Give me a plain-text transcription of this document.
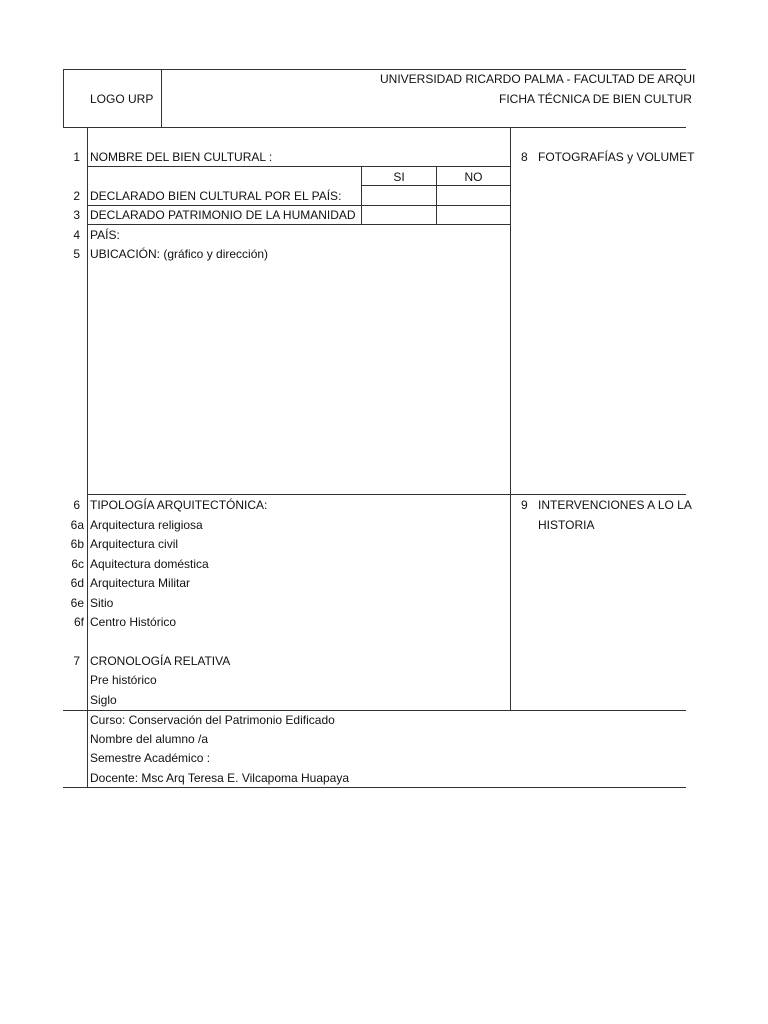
LOGO URP
UNIVERSIDAD RICARDO PALMA - FACULTAD DE ARQUI
FICHA TÉCNICA DE BIEN CULTUR
1 NOMBRE DEL BIEN CULTURAL :
SI	NO
2 DECLARADO BIEN CULTURAL POR EL PAÍS:
3 DECLARADO PATRIMONIO DE LA HUMANIDAD
4 PAÍS:
5 UBICACIÓN: (gráfico y dirección)
8 FOTOGRAFÍAS y VOLUMET
9 INTERVENCIONES A LO LA
HISTORIA
6 TIPOLOGÍA ARQUITECTÓNICA:
6a Arquitectura religiosa
6b Arquitectura civil
6c Aquitectura doméstica
6d Arquitectura Militar
6e Sitio
6f Centro Histórico
7 CRONOLOGÍA RELATIVA
Pre histórico
Siglo
Curso: Conservación del Patrimonio Edificado
Nombre del alumno /a
Semestre Académico :
Docente: Msc Arq Teresa E. Vilcapoma Huapaya
